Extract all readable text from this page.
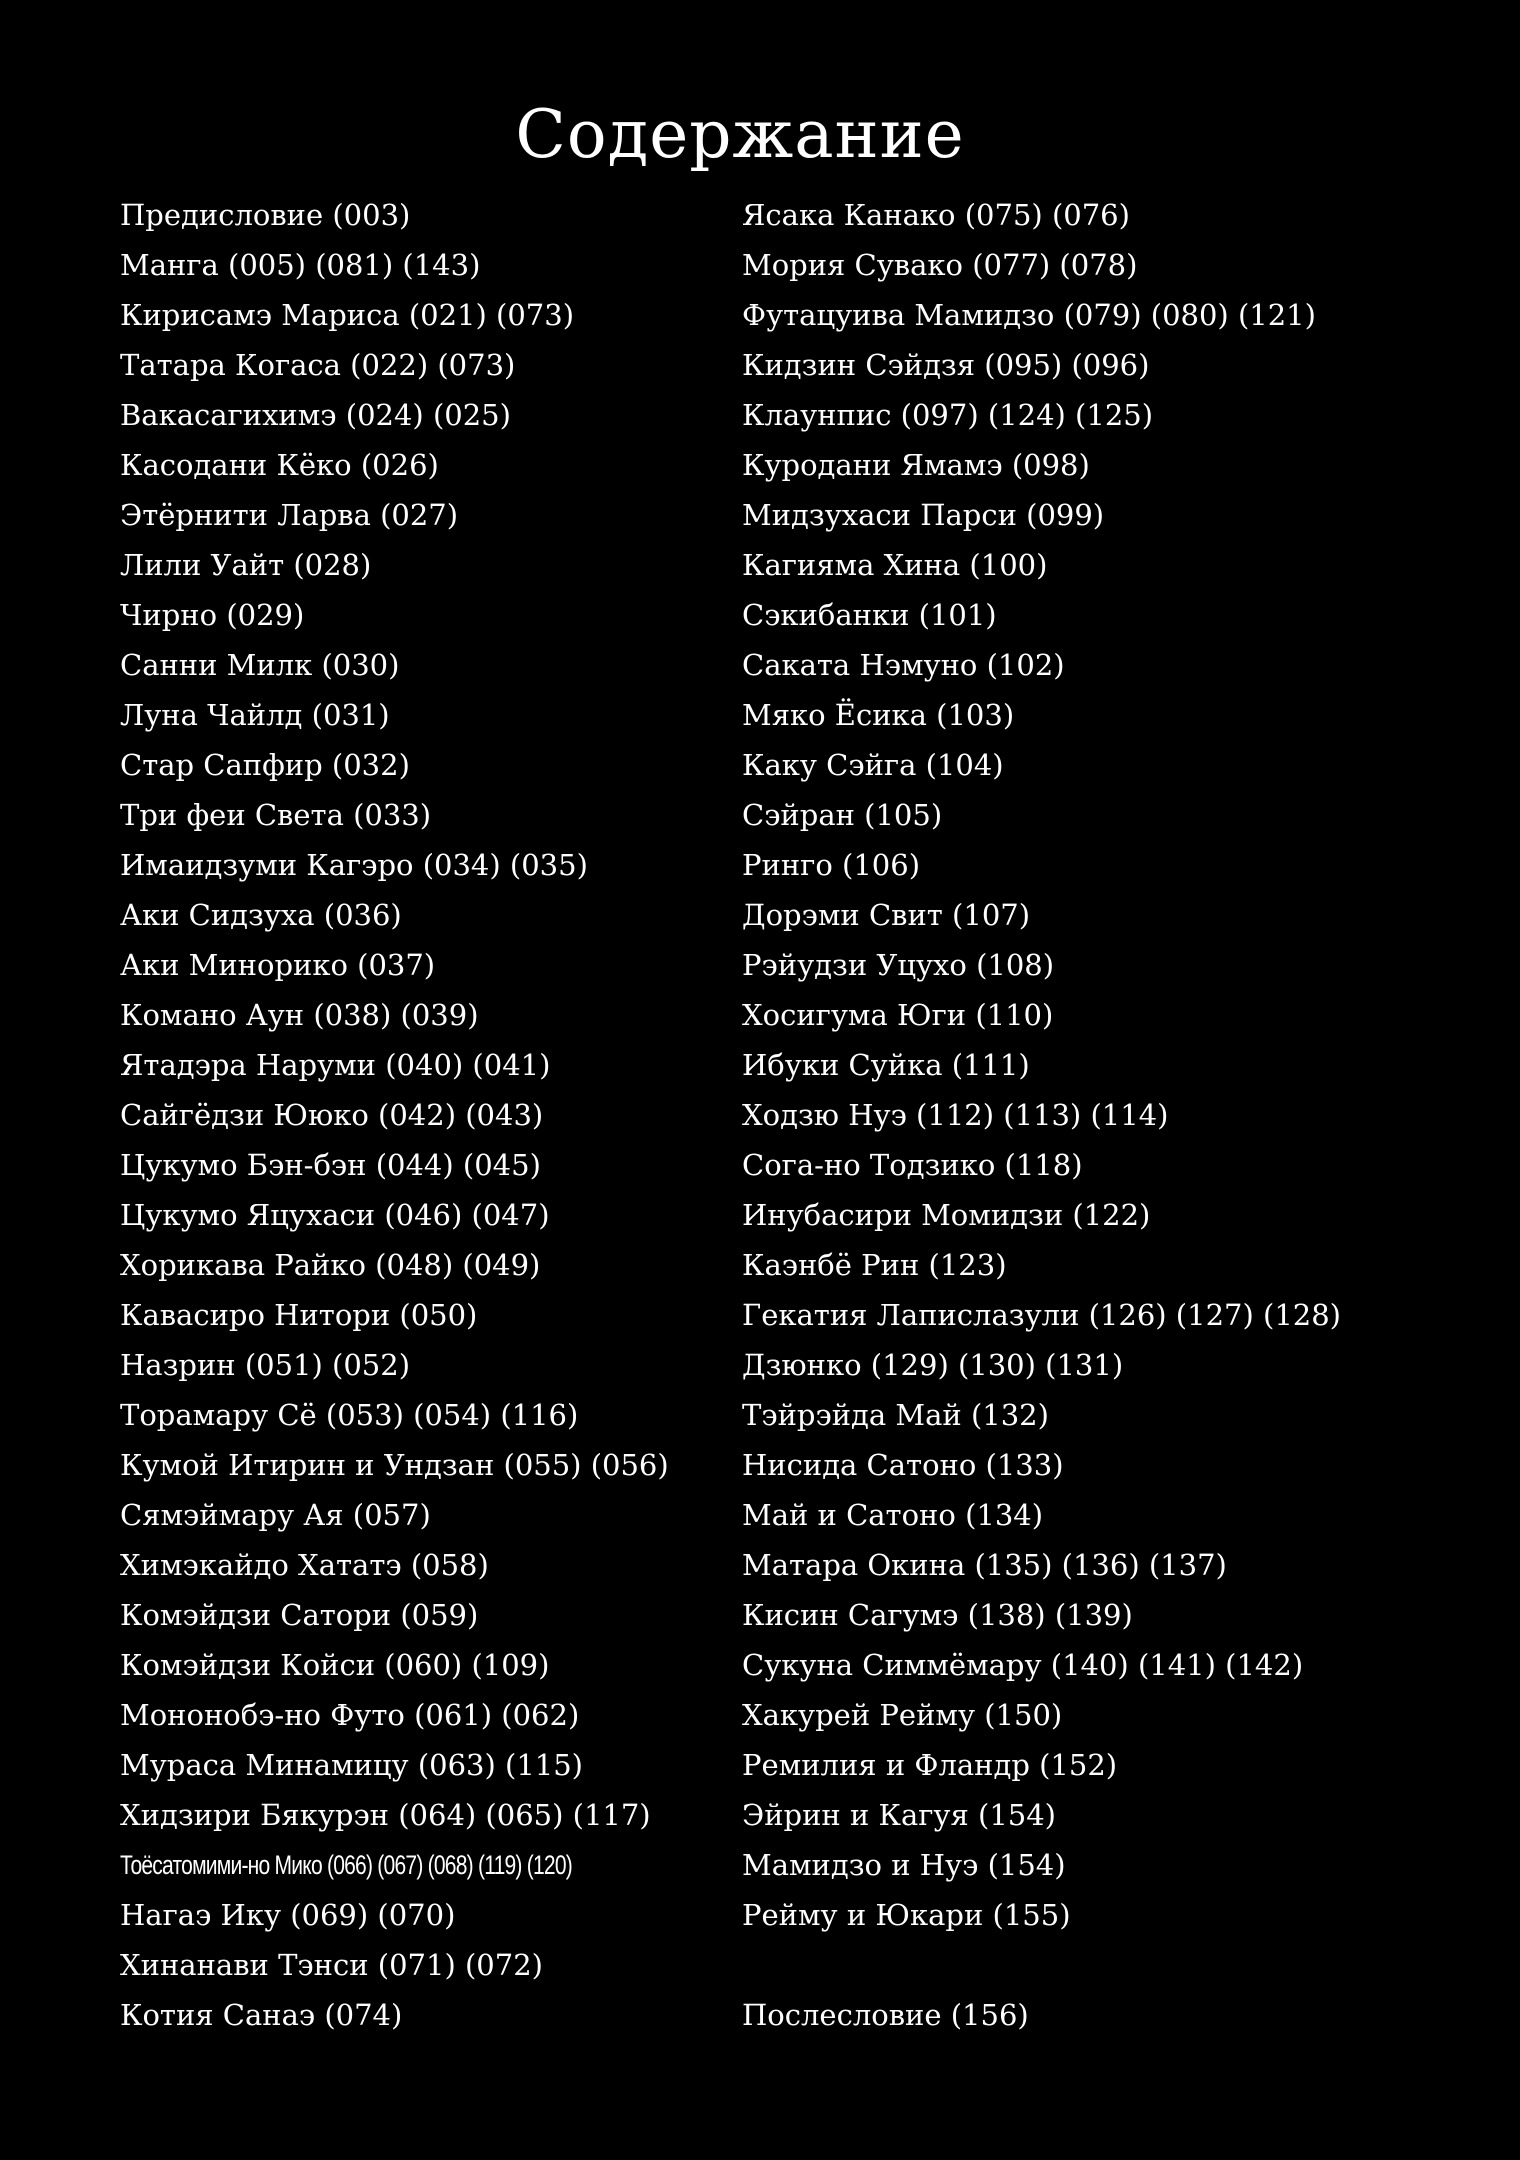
Содержание
Предисловие (003)
Манга (005) (081) (143)
Кирисамэ Мариса (021) (073)
Татара Когаса (022) (073)
Вакасагихимэ (024) (025)
Касодани Кёко (026)
Этёрнити Ларва (027)
Лили Уайт (028)
Чирно (029)
Санни Милк (030)
Луна Чайлд (031)
Стар Сапфир (032)
Три феи Света (033)
Имаидзуми Кагэро (034) (035)
Аки Сидзуха (036)
Аки Минорико (037)
Комано Аун (038) (039)
Ятадэра Наруми (040) (041)
Сайгёдзи Ююко (042) (043)
Цукумо Бэн-бэн (044) (045)
Цукумо Яцухаси (046) (047)
Хорикава Райко (048) (049)
Кавасиро Нитори (050)
Назрин (051) (052)
Торамару Сё (053) (054) (116)
Кумой Итирин и Ундзан (055) (056)
Сямэймару Ая (057)
Химэкайдо Хататэ (058)
Комэйдзи Сатори (059)
Комэйдзи Койси (060) (109)
Мононобэ-но Футо (061) (062)
Мураса Минамицу (063) (115)
Хидзири Бякурэн (064) (065) (117)
Тоёсатомими-но Мико (066) (067) (068) (119) (120)
Нагаэ Ику (069) (070)
Хинанави Тэнси (071) (072)
Котия Санаэ (074)
Ясака Канако (075) (076)
Мория Сувако (077) (078)
Футацуива Мамидзо (079) (080) (121)
Кидзин Сэйдзя (095) (096)
Клаунпис (097) (124) (125)
Куродани Ямамэ (098)
Мидзухаси Парси (099)
Кагияма Хина (100)
Сэкибанки (101)
Саката Нэмуно (102)
Мяко Ёсика (103)
Каку Сэйга (104)
Сэйран (105)
Ринго (106)
Дорэми Свит (107)
Рэйудзи Уцухо (108)
Хосигума Юги (110)
Ибуки Суйка (111)
Ходзю Нуэ (112) (113) (114)
Сога-но Тодзико (118)
Инубасири Момидзи (122)
Каэнбё Рин (123)
Гекатия Лапислазули (126) (127) (128)
Дзюнко (129) (130) (131)
Тэйрэйда Май (132)
Нисида Сатоно (133)
Май и Сатоно (134)
Матара Окина (135) (136) (137)
Кисин Сагумэ (138) (139)
Сукуна Симмёмару (140) (141) (142)
Хакурей Рейму (150)
Ремилия и Фландр (152)
Эйрин и Кагуя (154)
Мамидзо и Нуэ (154)
Рейму и Юкари (155)
Послесловие (156)
